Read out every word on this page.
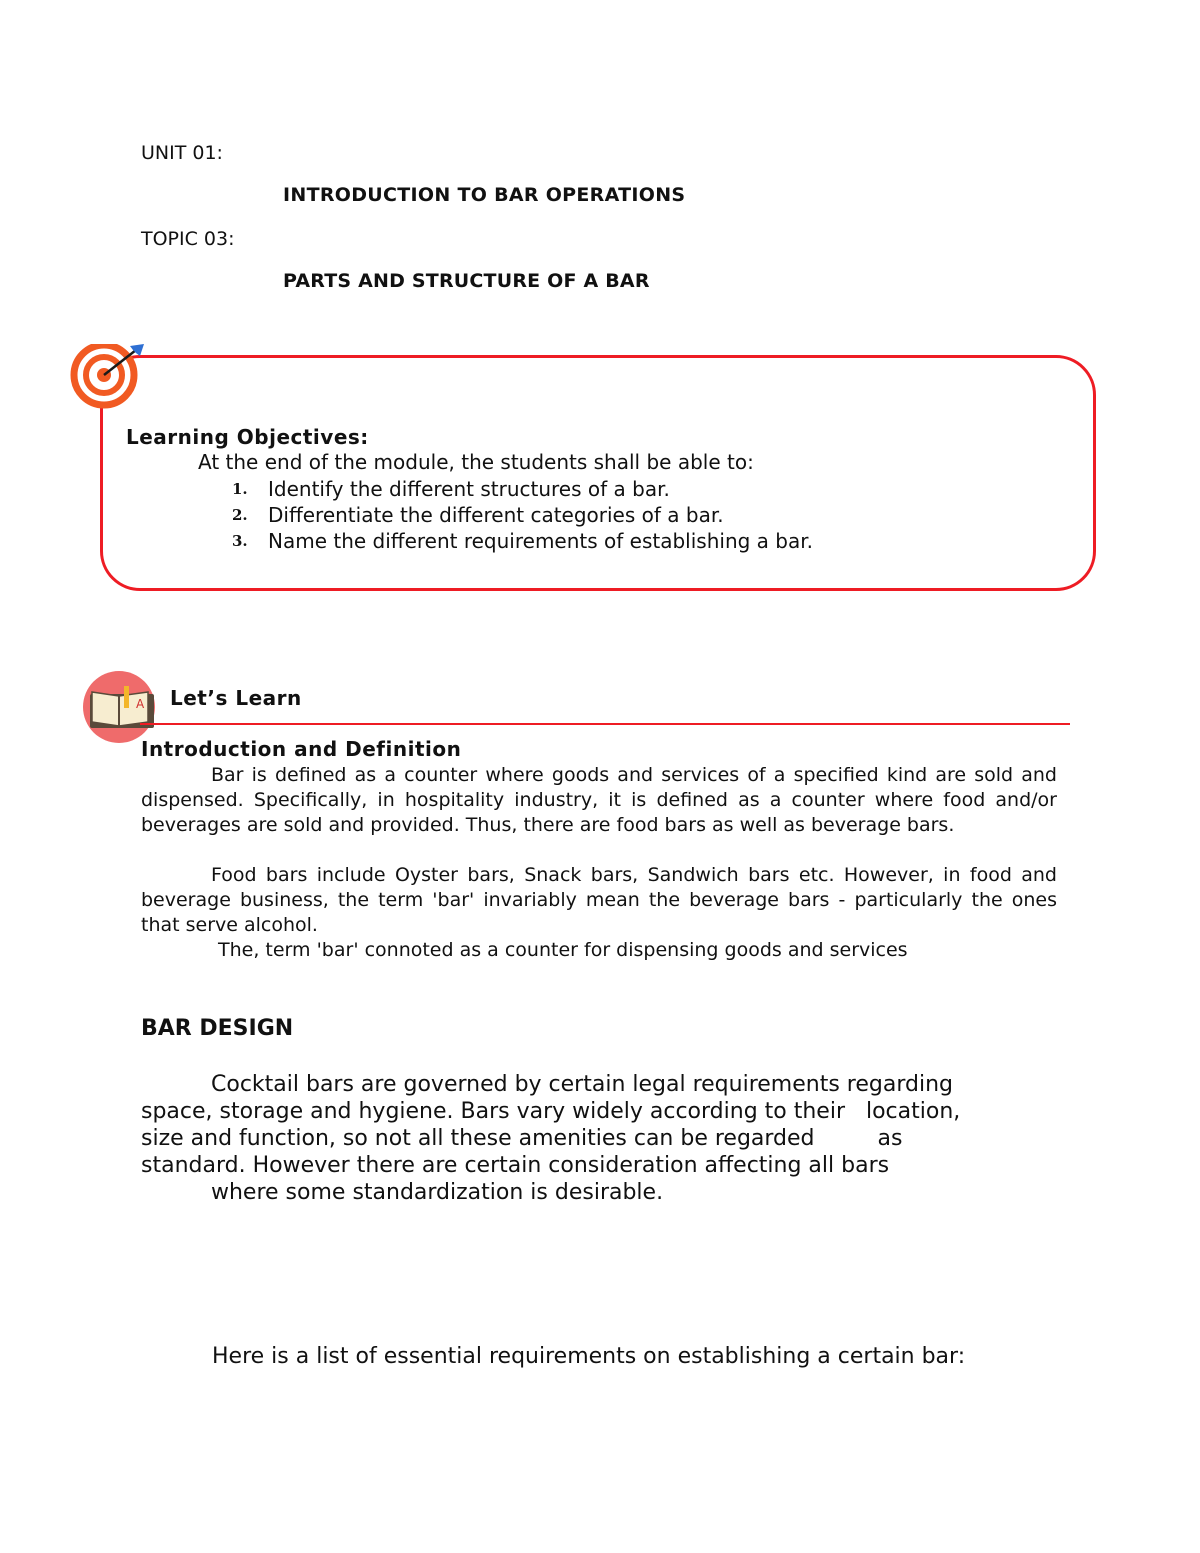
UNIT 01:
INTRODUCTION TO BAR OPERATIONS
TOPIC 03:
PARTS AND STRUCTURE OF A BAR
Learning Objectives:
At the end of the module, the students shall be able to:
1.	Identify the different structures of a bar.
2.	Differentiate the different categories of a bar.
3.	Name the different requirements of establishing a bar.
A Let’s Learn
Introduction and Definition
Bar is defined as a counter where goods and services of a specified kind are sold and dispensed. Specifically, in hospitality industry, it is defined as a counter where food and/or beverages are sold and provided. Thus, there are food bars as well as beverage bars.
Food bars include Oyster bars, Snack bars, Sandwich bars etc. However, in food and beverage business, the term 'bar' invariably mean the beverage bars - particularly the ones that serve alcohol.
The, term 'bar' connoted as a counter for dispensing goods and services
BAR DESIGN
Cocktail bars are governed by certain legal requirements regarding
space, storage and hygiene. Bars vary widely according to their   location,
size and function, so not all these amenities can be regarded         as
standard. However there are certain consideration affecting all bars
where some standardization is desirable.
Here is a list of essential requirements on establishing a certain bar:
